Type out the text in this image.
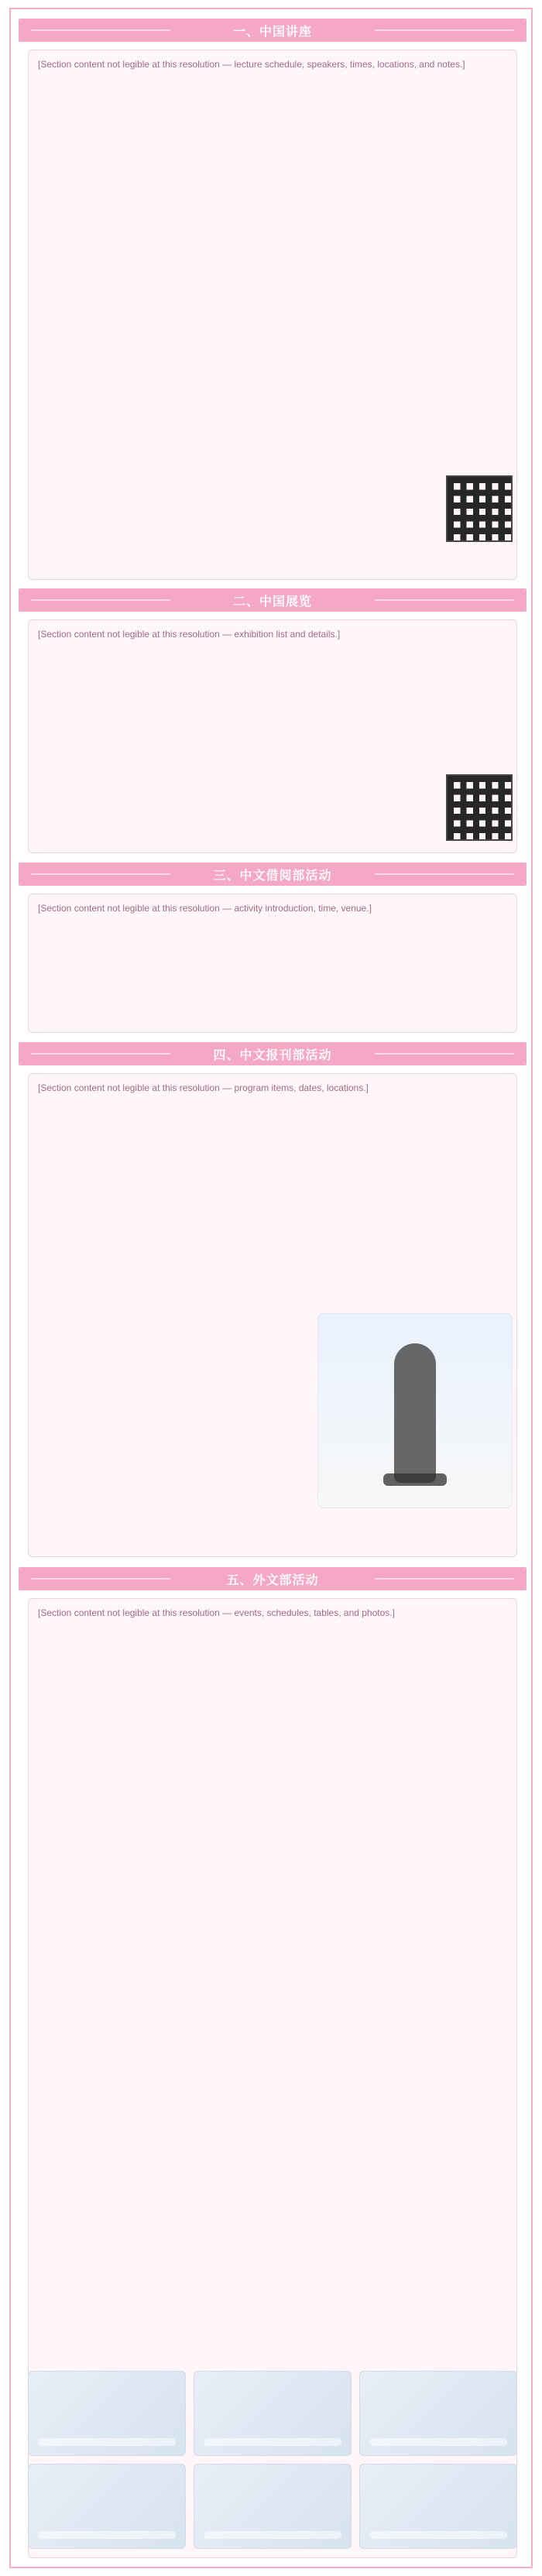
一、中国讲座
[Section content not legible at this resolution — lecture schedule, speakers, times, locations, and notes.]
二、中国展览
[Section content not legible at this resolution — exhibition list and details.]
三、中文借阅部活动
[Section content not legible at this resolution — activity introduction, time, venue.]
四、中文报刊部活动
[Section content not legible at this resolution — program items, dates, locations.]
五、外文部活动
[Section content not legible at this resolution — events, schedules, tables, and photos.]
